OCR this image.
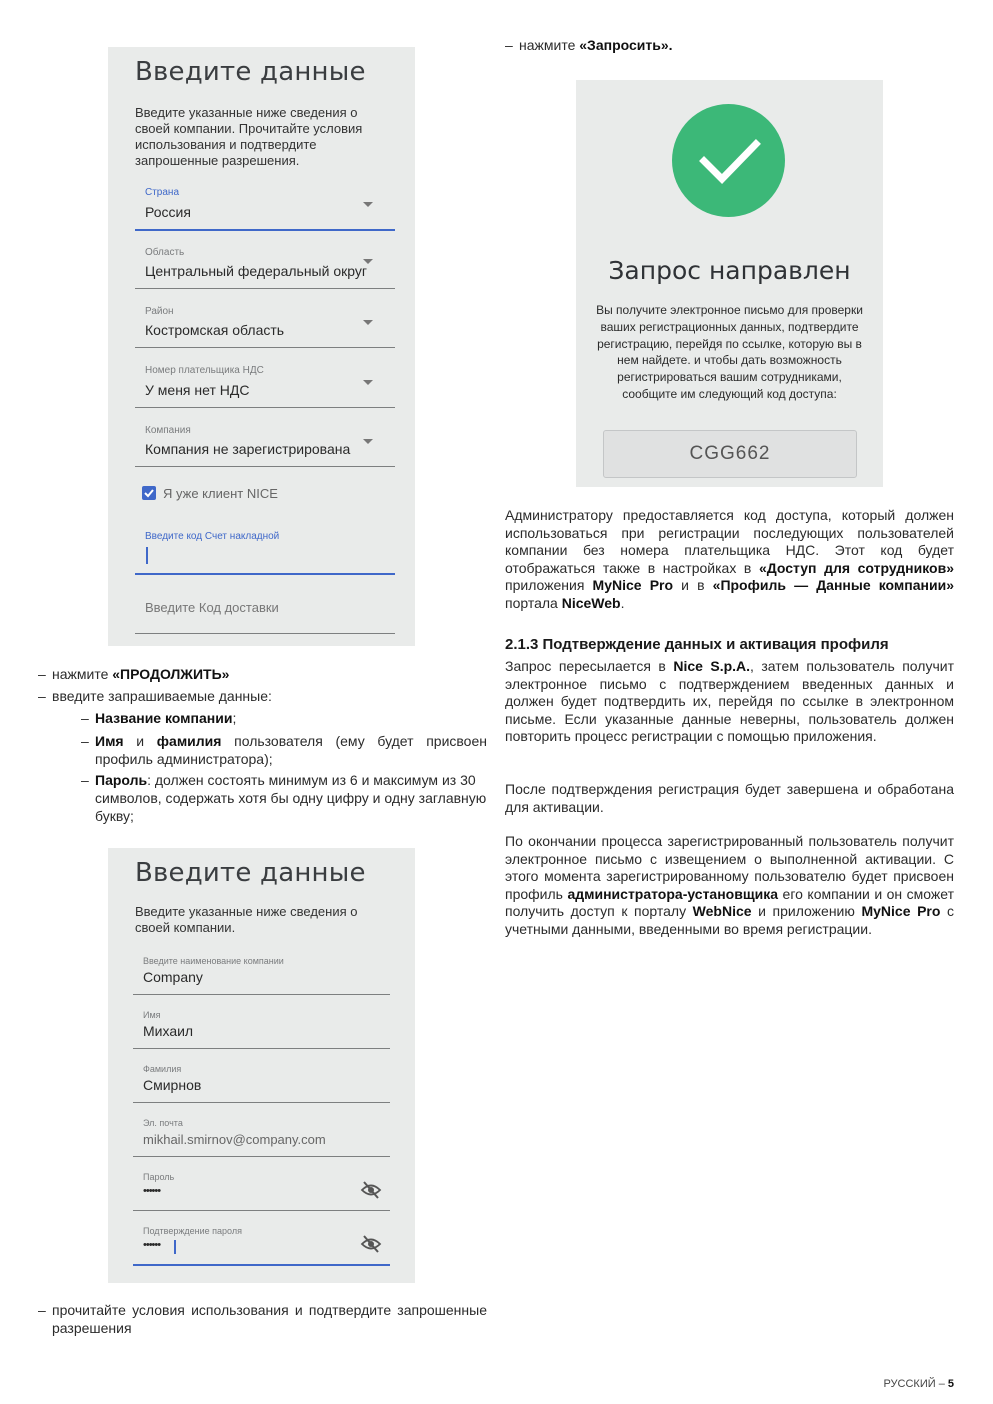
Введите данные
Введите указанные ниже сведения о своей компании. Прочитайте условия использования и подтвердите запрошенные разрешения.
Страна
Россия
Область
Центральный федеральный округ
Район
Костромская область
Номер плательщика НДС
У меня нет НДС
Компания
Компания не зарегистрирована
Я уже клиент NICE
Введите код Счет накладной
Введите Код доставки
– нажмите «ПРОДОЛЖИТЬ»
– введите запрашиваемые данные:
– Название компании;
– Имя и фамилия пользователя (ему будет присвоен профиль администратора);
– Пароль: должен состоять минимум из 6 и максимум из 30 символов, содержать хотя бы одну цифру и одну заглавную букву;
Введите данные
Введите указанные ниже сведения о своей компании.
Введите наименование компании
Company
Имя
Михаил
Фамилия
Смирнов
Эл. почта
mikhail.smirnov@company.com
Пароль
••••••
Подтверждение пароля
••••••
– прочитайте условия использования и подтвердите запрошенные разрешения
– нажмите «Запросить».
Запрос направлен
Вы получите электронное письмо для проверки ваших регистрационных данных, подтвердите регистрацию, перейдя по ссылке, которую вы в нем найдете. и чтобы дать возможность регистрироваться вашим сотрудниками, сообщите им следующий код доступа:
CGG662
Администратору предоставляется код доступа, который должен использоваться при регистрации последующих пользователей компании без номера плательщика НДС. Этот код будет отображаться также в настройках в «Доступ для сотрудников» приложения MyNice Pro и в «Профиль — Данные компании» портала NiceWeb.
2.1.3 Подтверждение данных и активация профиля
Запрос пересылается в Nice S.p.A., затем пользователь получит электронное письмо с подтверждением введенных данных и должен будет подтвердить их, перейдя по ссылке в электронном письме. Если указанные данные неверны, пользователь должен повторить процесс регистрации с помощью приложения.
После подтверждения регистрация будет завершена и обработана для активации.
По окончании процесса зарегистрированный пользователь получит электронное письмо с извещением о выполненной активации. С этого момента зарегистрированному пользователю будет присвоен профиль администратора-установщика его компании и он сможет получить доступ к порталу WebNice и приложению MyNice Pro с учетными данными, введенными во время регистрации.
РУССКИЙ – 5
